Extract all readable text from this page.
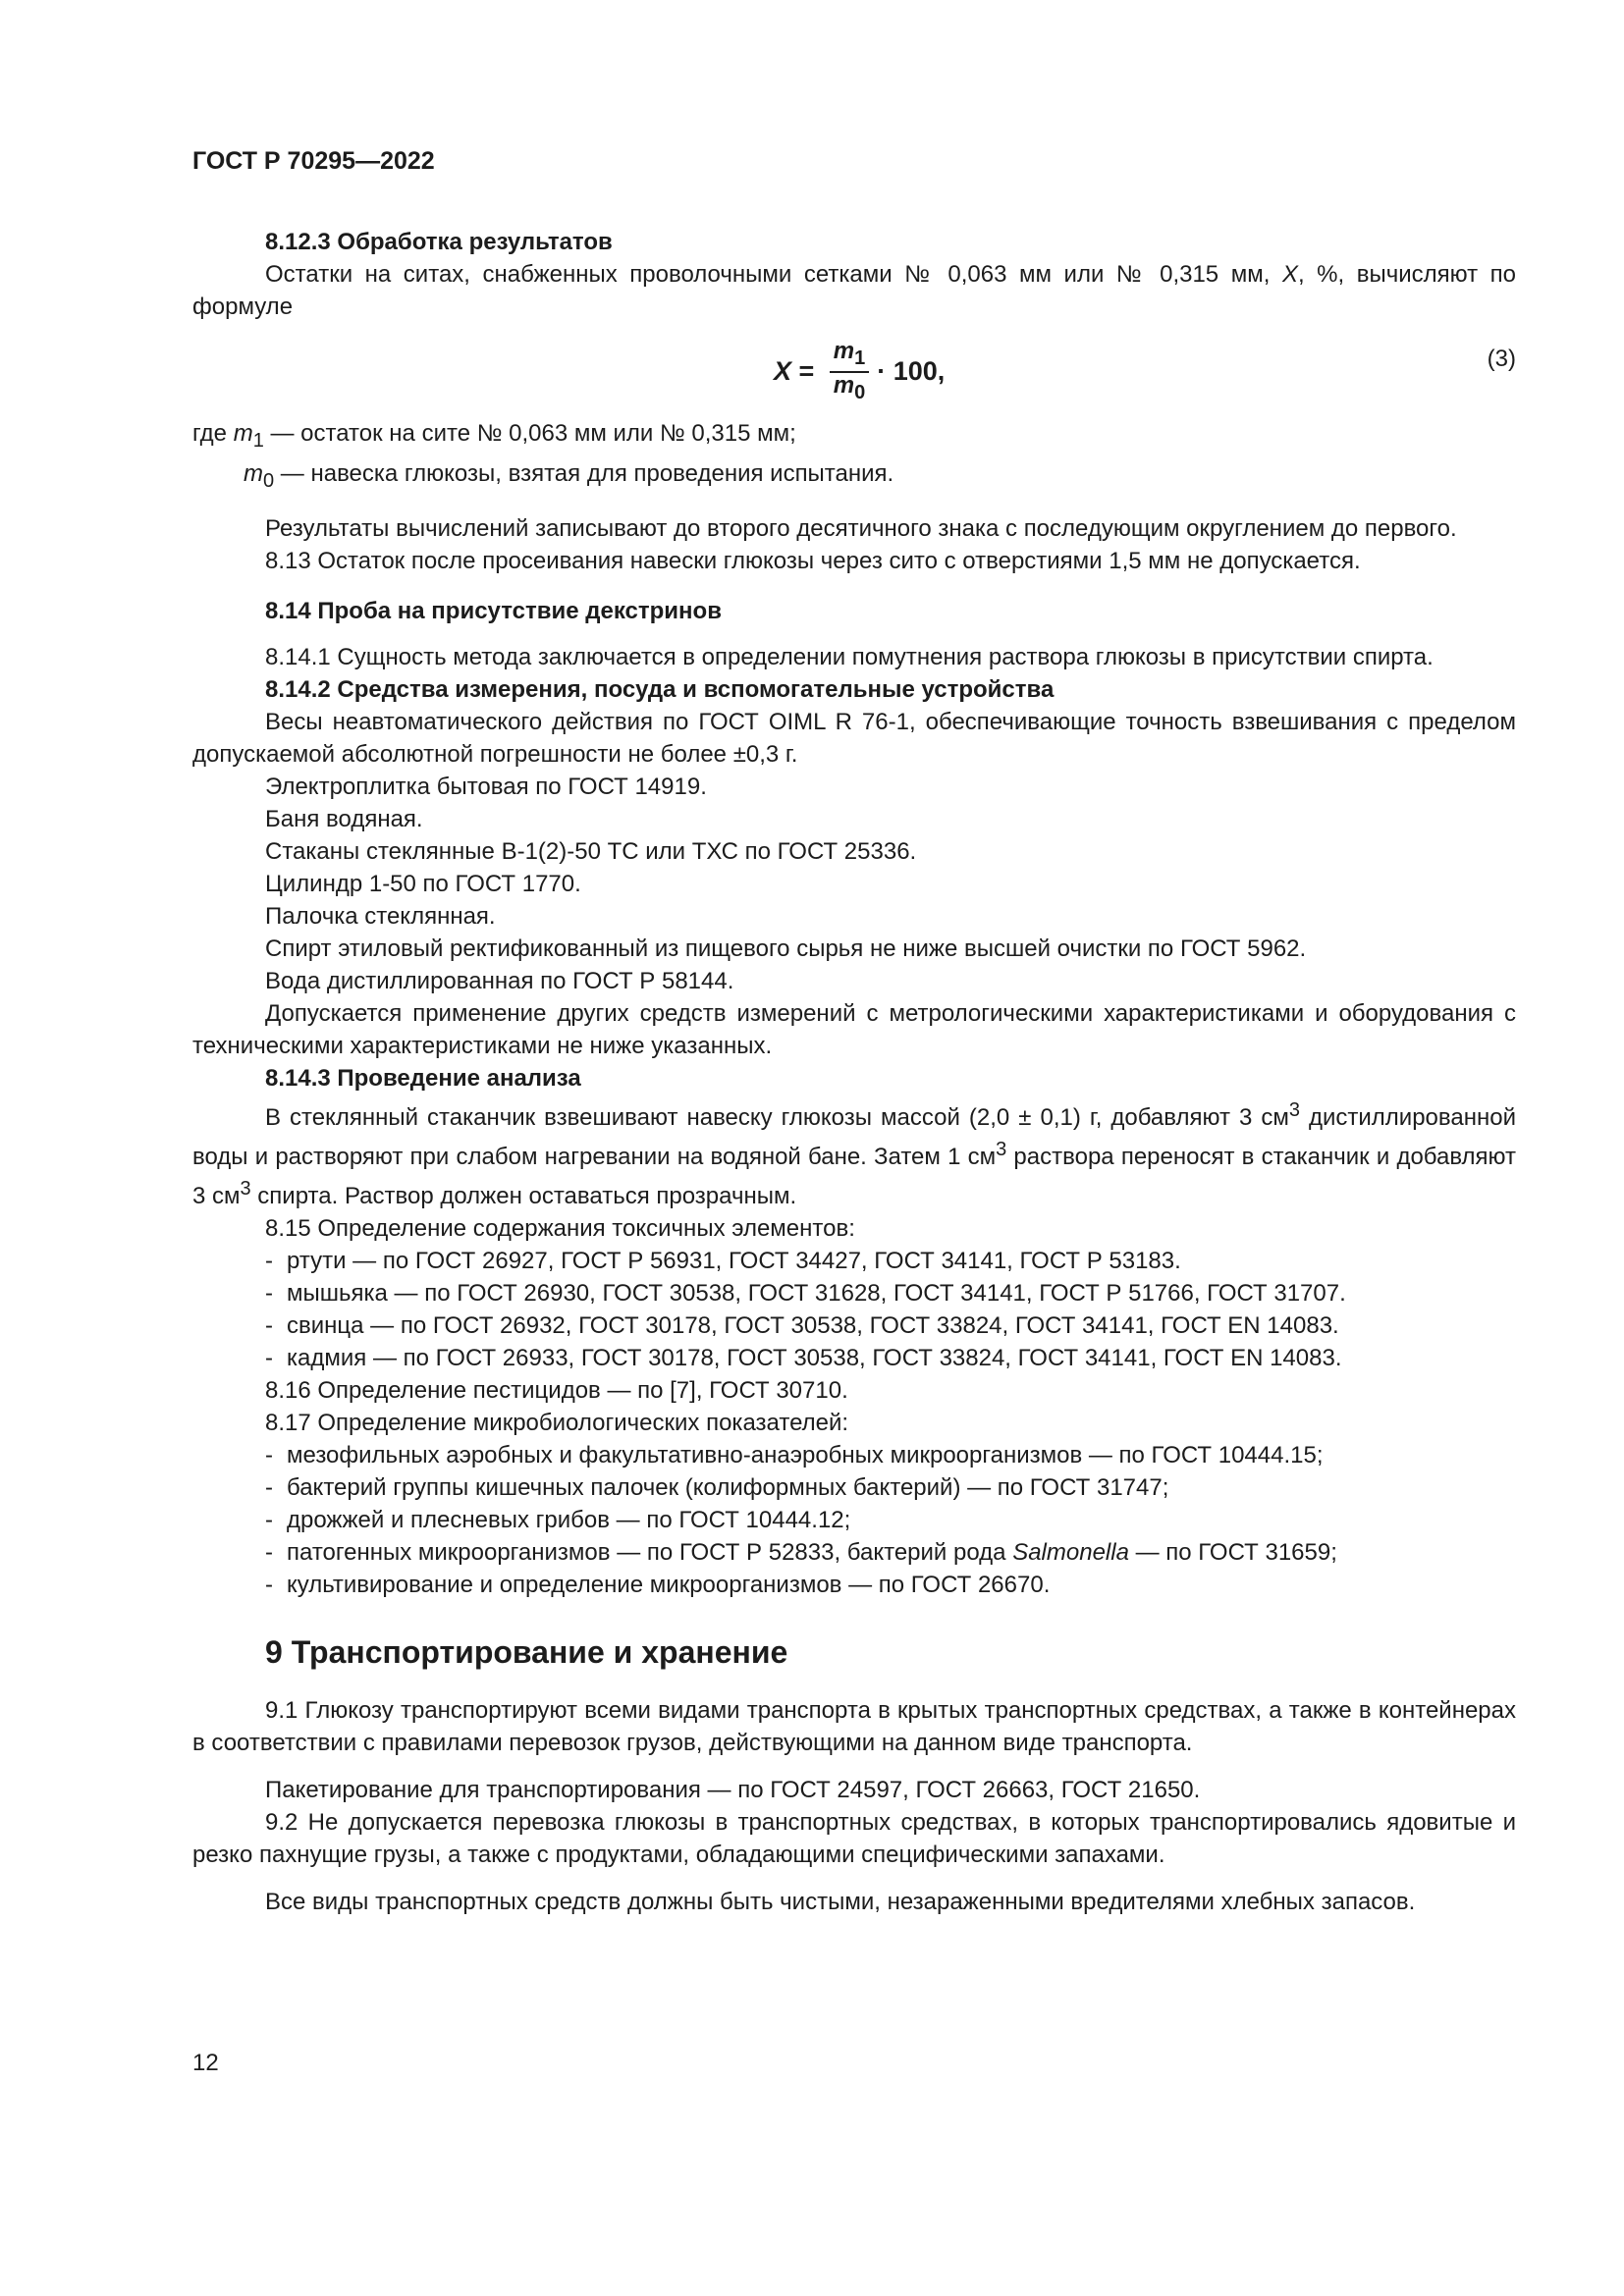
ГОСТ Р 70295—2022

8.12.3 Обработка результатов

Остатки на ситах, снабженных проволочными сетками № 0,063 мм или № 0,315 мм, X, %, вычисляют по формуле

$X = \frac{m_1}{m_0} \cdot 100$,	(3)

где $m_1$ — остаток на сите № 0,063 мм или № 0,315 мм;

$m_0$ — навеска глюкозы, взятая для проведения испытания.

Результаты вычислений записывают до второго десятичного знака с последующим округлением до первого.

8.13 Остаток после просеивания навески глюкозы через сито с отверстиями 1,5 мм не допускается.

8.14 Проба на присутствие декстринов

8.14.1 Сущность метода заключается в определении помутнения раствора глюкозы в присутствии спирта.

8.14.2 Средства измерения, посуда и вспомогательные устройства

Весы неавтоматического действия по ГОСТ OIML R 76-1, обеспечивающие точность взвешивания с пределом допускаемой абсолютной погрешности не более ±0,3 г.

Электроплитка бытовая по ГОСТ 14919.

Баня водяная.

Стаканы стеклянные В-1(2)-50 ТС или ТХС по ГОСТ 25336.

Цилиндр 1-50 по ГОСТ 1770.

Палочка стеклянная.

Спирт этиловый ректификованный из пищевого сырья не ниже высшей очистки по ГОСТ 5962.

Вода дистиллированная по ГОСТ Р 58144.

Допускается применение других средств измерений с метрологическими характеристиками и оборудования с техническими характеристиками не ниже указанных.

8.14.3 Проведение анализа

В стеклянный стаканчик взвешивают навеску глюкозы массой (2,0 ± 0,1) г, добавляют 3 $см^3$ дистиллированной воды и растворяют при слабом нагревании на водяной бане. Затем 1 $см^3$ раствора переносят в стаканчик и добавляют 3 $см^3$ спирта. Раствор должен оставаться прозрачным.

8.15 Определение содержания токсичных элементов:

- ртути — по ГОСТ 26927, ГОСТ Р 56931, ГОСТ 34427, ГОСТ 34141, ГОСТ Р 53183.

- мышьяка — по ГОСТ 26930, ГОСТ 30538, ГОСТ 31628, ГОСТ 34141, ГОСТ Р 51766, ГОСТ 31707.

- свинца — по ГОСТ 26932, ГОСТ 30178, ГОСТ 30538, ГОСТ 33824, ГОСТ 34141, ГОСТ EN 14083.

- кадмия — по ГОСТ 26933, ГОСТ 30178, ГОСТ 30538, ГОСТ 33824, ГОСТ 34141, ГОСТ EN 14083.

8.16 Определение пестицидов — по [7], ГОСТ 30710.

8.17 Определение микробиологических показателей:

- мезофильных аэробных и факультативно-анаэробных микроорганизмов — по ГОСТ 10444.15;

- бактерий группы кишечных палочек (колиформных бактерий) — по ГОСТ 31747;

- дрожжей и плесневых грибов — по ГОСТ 10444.12;

- патогенных микроорганизмов — по ГОСТ Р 52833, бактерий рода Salmonella — по ГОСТ 31659;

- культивирование и определение микроорганизмов — по ГОСТ 26670.

9 Транспортирование и хранение

9.1 Глюкозу транспортируют всеми видами транспорта в крытых транспортных средствах, а также в контейнерах в соответствии с правилами перевозок грузов, действующими на данном виде транспорта.

Пакетирование для транспортирования — по ГОСТ 24597, ГОСТ 26663, ГОСТ 21650.

9.2 Не допускается перевозка глюкозы в транспортных средствах, в которых транспортировались ядовитые и резко пахнущие грузы, а также с продуктами, обладающими специфическими запахами.

Все виды транспортных средств должны быть чистыми, незараженными вредителями хлебных запасов.

12
